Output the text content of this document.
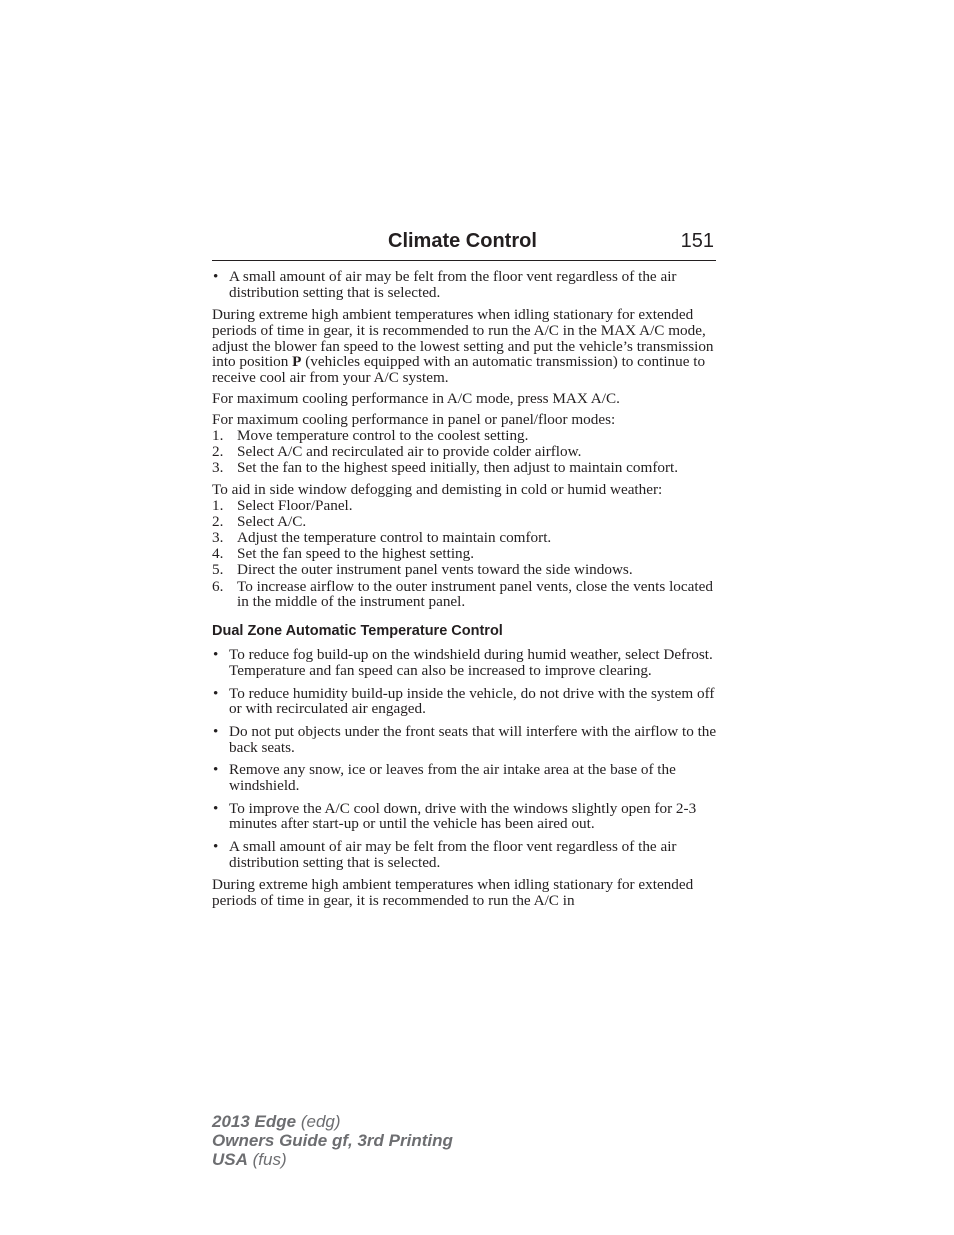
Climate Control	151
• A small amount of air may be felt from the floor vent regardless of the air distribution setting that is selected.

During extreme high ambient temperatures when idling stationary for extended periods of time in gear, it is recommended to run the A/C in the MAX A/C mode, adjust the blower fan speed to the lowest setting and put the vehicle’s transmission into position P (vehicles equipped with an automatic transmission) to continue to receive cool air from your A/C system.

For maximum cooling performance in A/C mode, press MAX A/C.

For maximum cooling performance in panel or panel/floor modes:

1. Move temperature control to the coolest setting.
2. Select A/C and recirculated air to provide colder airflow.
3. Set the fan to the highest speed initially, then adjust to maintain comfort.

To aid in side window defogging and demisting in cold or humid weather:

1. Select Floor/Panel.
2. Select A/C.
3. Adjust the temperature control to maintain comfort.
4. Set the fan speed to the highest setting.
5. Direct the outer instrument panel vents toward the side windows.
6. To increase airflow to the outer instrument panel vents, close the vents located in the middle of the instrument panel.
Dual Zone Automatic Temperature Control
• To reduce fog build-up on the windshield during humid weather, select Defrost. Temperature and fan speed can also be increased to improve clearing.
• To reduce humidity build-up inside the vehicle, do not drive with the system off or with recirculated air engaged.
• Do not put objects under the front seats that will interfere with the airflow to the back seats.
• Remove any snow, ice or leaves from the air intake area at the base of the windshield.
• To improve the A/C cool down, drive with the windows slightly open for 2-3 minutes after start-up or until the vehicle has been aired out.
• A small amount of air may be felt from the floor vent regardless of the air distribution setting that is selected.

During extreme high ambient temperatures when idling stationary for extended periods of time in gear, it is recommended to run the A/C in

2013 Edge (edg)
Owners Guide gf, 3rd Printing
USA (fus)
